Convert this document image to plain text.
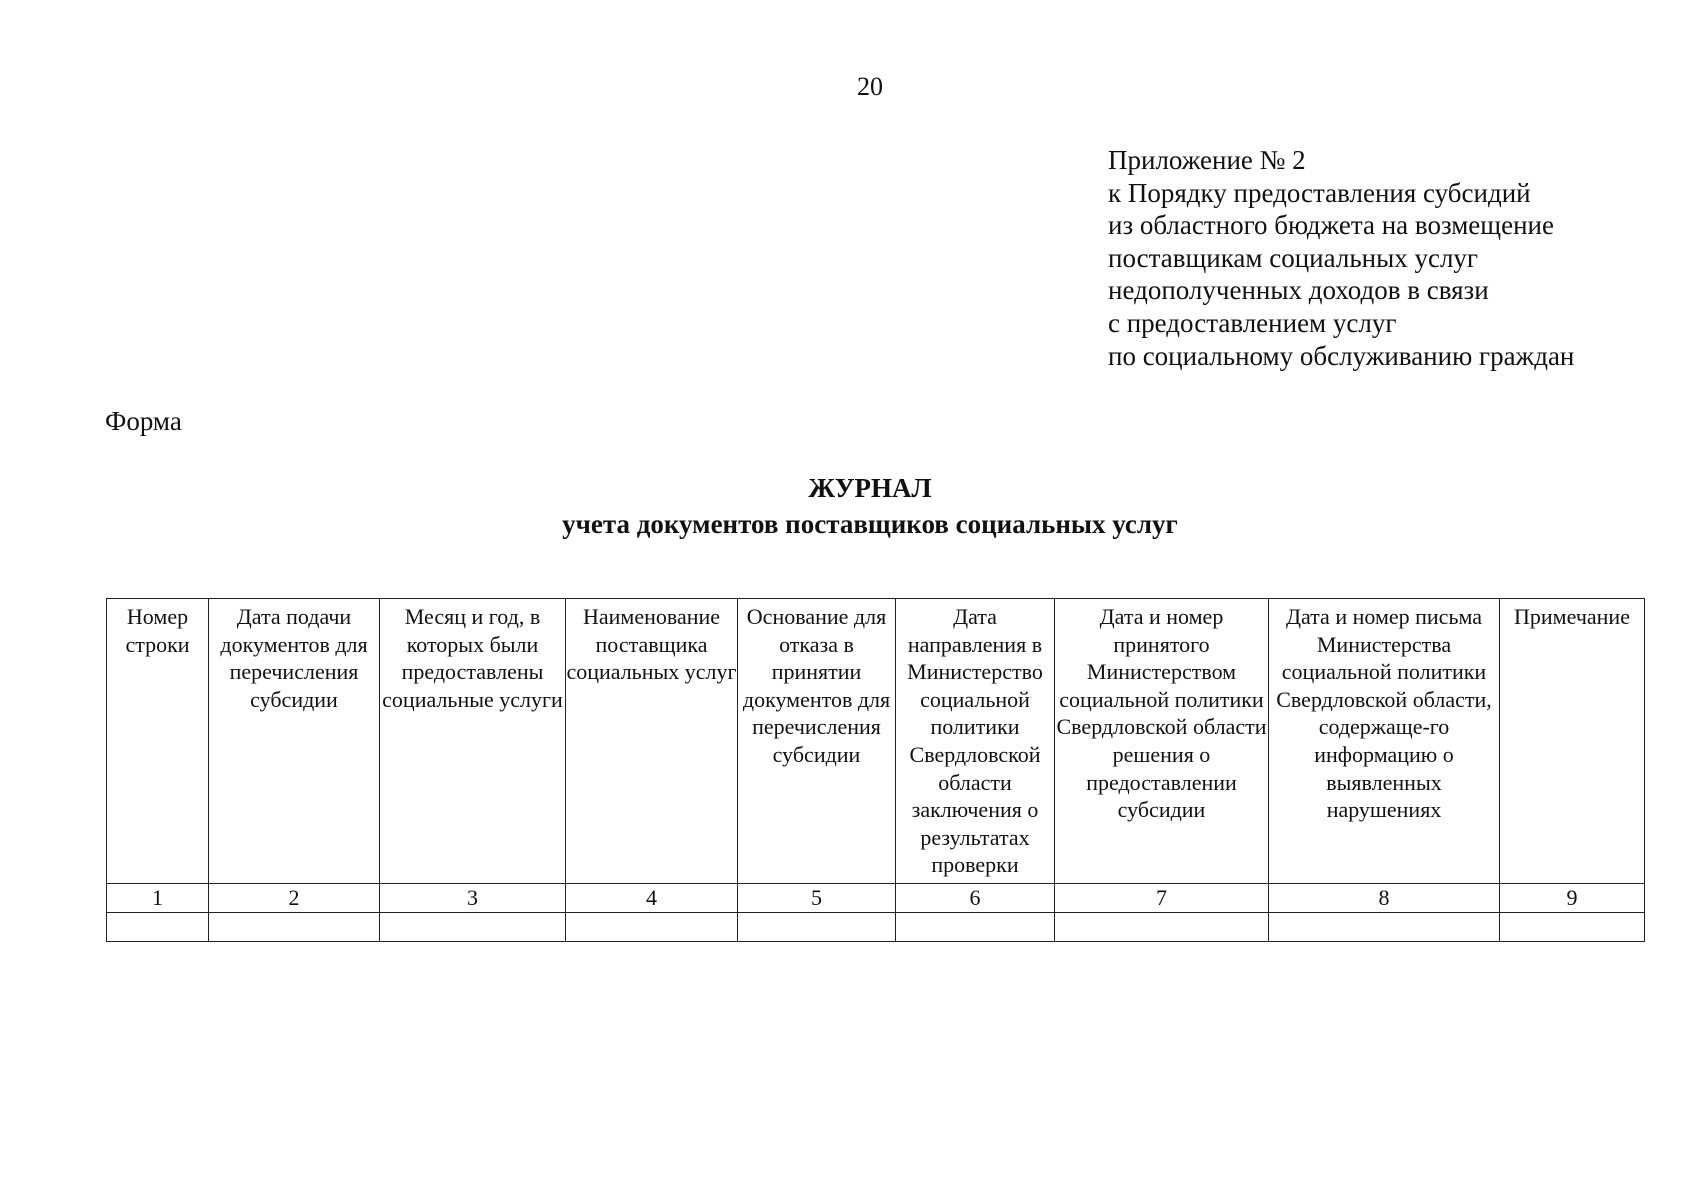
20
Приложение № 2
к Порядку предоставления субсидий
из областного бюджета на возмещение
поставщикам социальных услуг
недополученных доходов в связи
с предоставлением услуг
по социальному обслуживанию граждан
Форма
ЖУРНАЛ
учета документов поставщиков социальных услуг
Номер строки	Дата подачи документов для перечисления субсидии	Месяц и год, в которых были предоставлены социальные услуги	Наименование поставщика социальных услуг	Основание для отказа в принятии документов для перечисления субсидии	Дата направления в Министерство социальной политики Свердловской области заключения о результатах проверки	Дата и номер принятого Министерством социальной политики Свердловской области решения о предоставлении субсидии	Дата и номер письма Министерства социальной политики Свердловской области, содержаще-го информацию о выявленных нарушениях	Примечание
1	2	3	4	5	6	7	8	9
